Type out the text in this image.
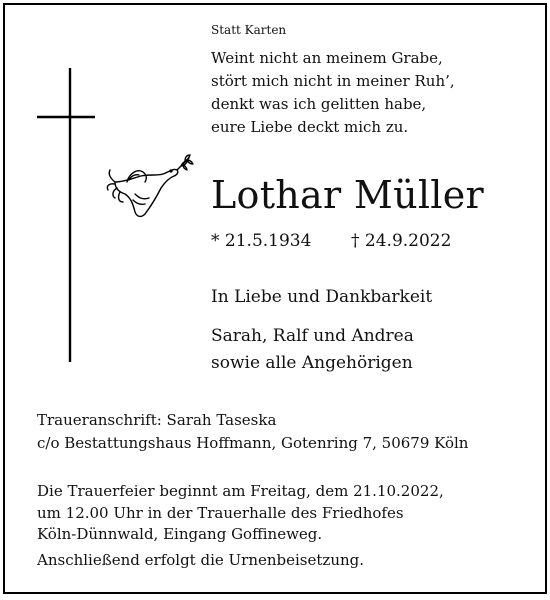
Statt Karten
Weint nicht an meinem Grabe,
stört mich nicht in meiner Ruh’,
denkt was ich gelitten habe,
eure Liebe deckt mich zu.
Lothar Müller
* 21.5.1934 † 24.9.2022
In Liebe und Dankbarkeit
Sarah, Ralf und Andrea
sowie alle Angehörigen
Traueranschrift: Sarah Taseska
c/o Bestattungshaus Hoffmann, Gotenring 7, 50679 Köln
Die Trauerfeier beginnt am Freitag, dem 21.10.2022,
um 12.00 Uhr in der Trauerhalle des Friedhofes
Köln-Dünnwald, Eingang Goffineweg.
Anschließend erfolgt die Urnenbeisetzung.
